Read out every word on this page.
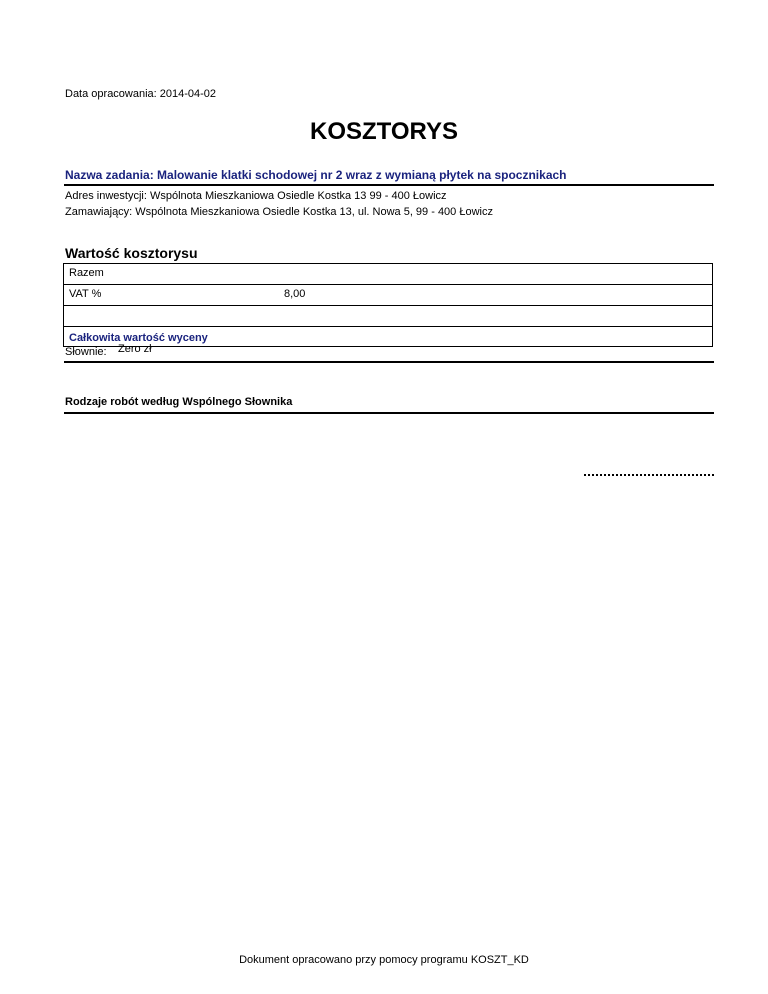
Data opracowania: 2014-04-02
KOSZTORYS
Nazwa zadania: Malowanie klatki schodowej nr 2 wraz z wymianą płytek na spocznikach
Adres inwestycji: Wspólnota Mieszkaniowa Osiedle Kostka 13 99 - 400 Łowicz
Zamawiający: Wspólnota Mieszkaniowa Osiedle Kostka 13, ul. Nowa 5, 99 - 400 Łowicz
Wartość kosztorysu
Razem
VAT %	8,00
Całkowita wartość wyceny
Słownie: Zero zł
Rodzaje robót według Wspólnego Słownika
Dokument opracowano przy pomocy programu KOSZT_KD
